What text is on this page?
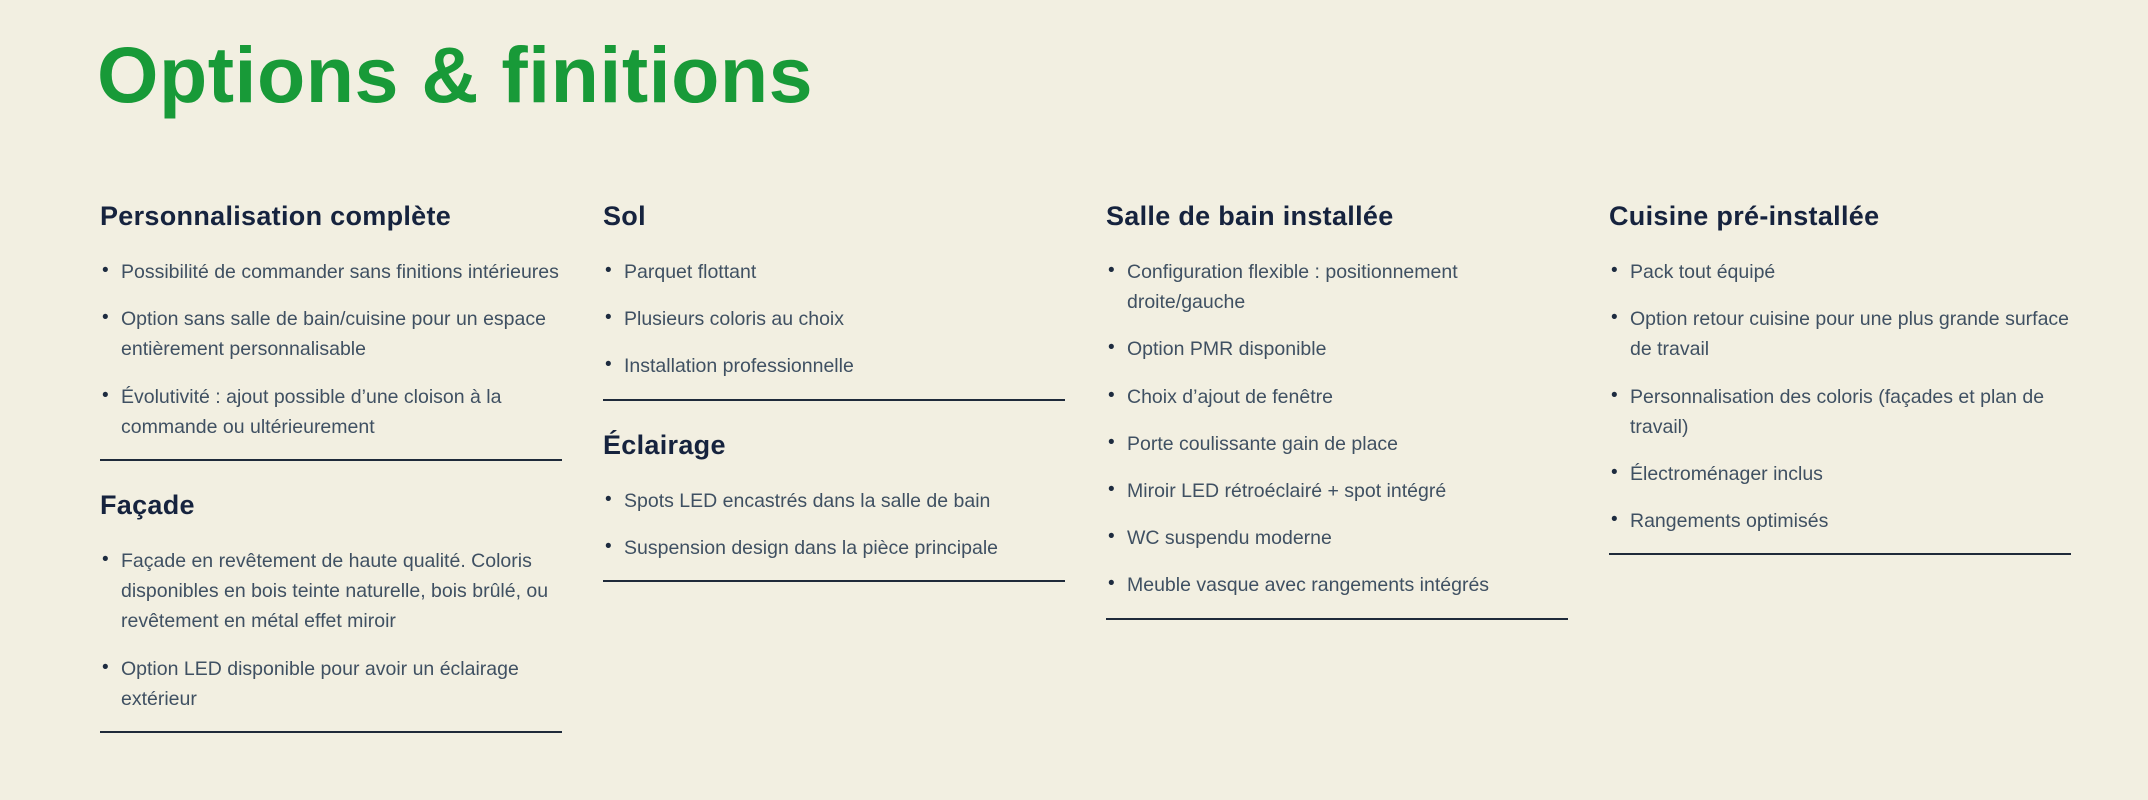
Options & finitions
Personnalisation complète
• Possibilité de commander sans finitions intérieures
• Option sans salle de bain/cuisine pour un espace entièrement personnalisable
• Évolutivité : ajout possible d’une cloison à la commande ou ultérieurement
Façade
• Façade en revêtement de haute qualité. Coloris disponibles en bois teinte naturelle, bois brûlé, ou revêtement en métal effet miroir
• Option LED disponible pour avoir un éclairage extérieur
Sol
• Parquet flottant
• Plusieurs coloris au choix
• Installation professionnelle
Éclairage
• Spots LED encastrés dans la salle de bain
• Suspension design dans la pièce principale
Salle de bain installée
• Configuration flexible : positionnement droite/gauche
• Option PMR disponible
• Choix d’ajout de fenêtre
• Porte coulissante gain de place
• Miroir LED rétroéclairé + spot intégré
• WC suspendu moderne
• Meuble vasque avec rangements intégrés
Cuisine pré-installée
• Pack tout équipé
• Option retour cuisine pour une plus grande surface de travail
• Personnalisation des coloris (façades et plan de travail)
• Électroménager inclus
• Rangements optimisés
